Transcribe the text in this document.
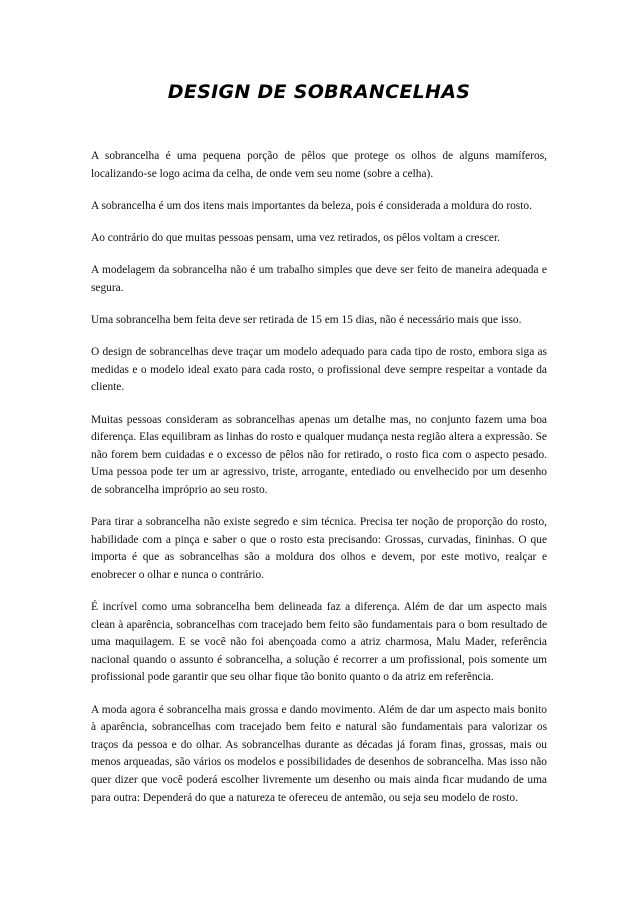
DESIGN DE SOBRANCELHAS

A sobrancelha é uma pequena porção de pêlos que protege os olhos de alguns mamíferos, localizando-se logo acima da celha, de onde vem seu nome (sobre a celha).

A sobrancelha é um dos itens mais importantes da beleza, pois é considerada a moldura do rosto.

Ao contrário do que muitas pessoas pensam, uma vez retirados, os pêlos voltam a crescer.

A modelagem da sobrancelha não é um trabalho simples que deve ser feito de maneira adequada e segura.

Uma sobrancelha bem feita deve ser retirada de 15 em 15 dias, não é necessário mais que isso.

O design de sobrancelhas deve traçar um modelo adequado para cada tipo de rosto, embora siga as medidas e o modelo ideal exato para cada rosto, o profissional deve sempre respeitar a vontade da cliente.

Muitas pessoas consideram as sobrancelhas apenas um detalhe mas, no conjunto fazem uma boa diferença. Elas equilibram as linhas do rosto e qualquer mudança nesta região altera a expressão. Se não forem bem cuidadas e o excesso de pêlos não for retirado, o rosto fica com o aspecto pesado. Uma pessoa pode ter um ar agressivo, triste, arrogante, entediado ou envelhecido por um desenho de sobrancelha impróprio ao seu rosto.

Para tirar a sobrancelha não existe segredo e sim técnica. Precisa ter noção de proporção do rosto, habilidade com a pinça e saber o que o rosto esta precisando: Grossas, curvadas, fininhas. O que importa é que as sobrancelhas são a moldura dos olhos e devem, por este motivo, realçar e enobrecer o olhar e nunca o contrário.

É incrível como uma sobrancelha bem delineada faz a diferença. Além de dar um aspecto mais clean à aparência, sobrancelhas com tracejado bem feito são fundamentais para o bom resultado de uma maquilagem. E se você não foi abençoada como a atriz charmosa, Malu Mader, referência nacional quando o assunto é sobrancelha, a solução é recorrer a um profissional, pois somente um profissional pode garantir que seu olhar fique tão bonito quanto o da atriz em referência.

A moda agora é sobrancelha mais grossa e dando movimento. Além de dar um aspecto mais bonito à aparência, sobrancelhas com tracejado bem feito e natural são fundamentais para valorizar os traços da pessoa e do olhar. As sobrancelhas durante as décadas já foram finas, grossas, mais ou menos arqueadas, são vários os modelos e possibilidades de desenhos de sobrancelha. Mas isso não quer dizer que você poderá escolher livremente um desenho ou mais ainda ficar mudando de uma para outra: Dependerá do que a natureza te ofereceu de antemão, ou seja seu modelo de rosto.
